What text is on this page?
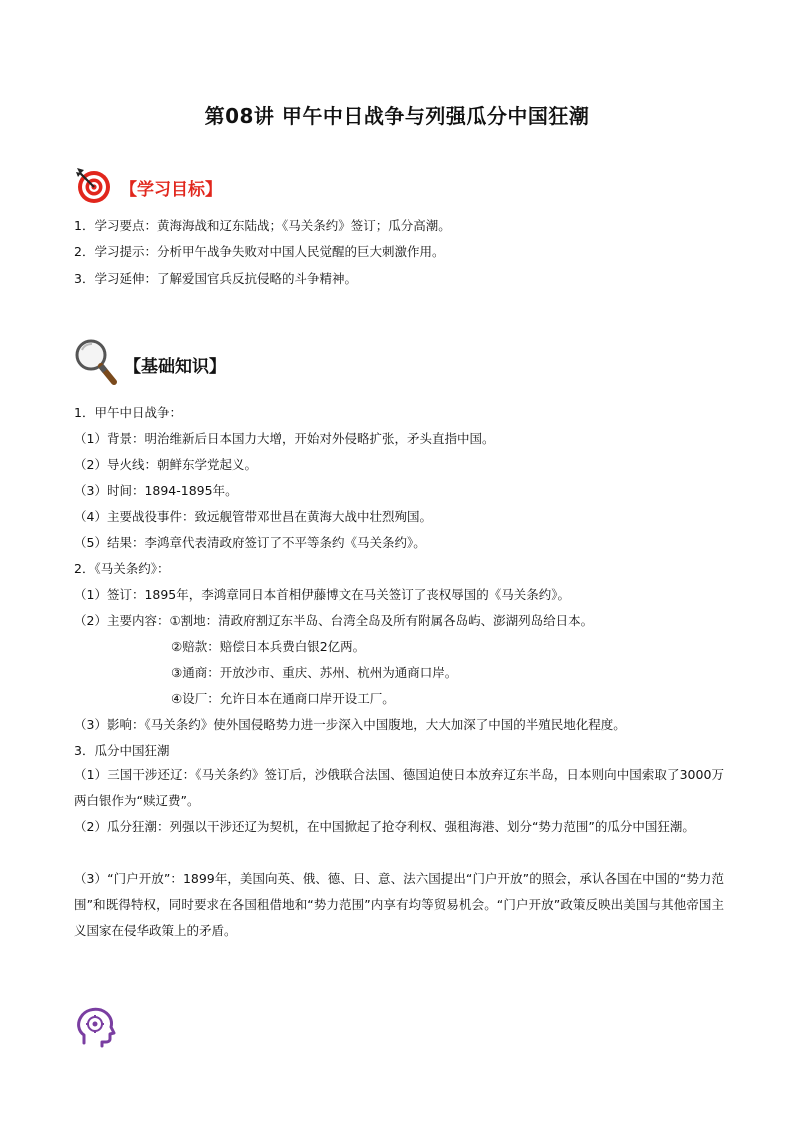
第08讲 甲午中日战争与列强瓜分中国狂潮
【学习目标】
1．学习要点：黄海海战和辽东陆战；《马关条约》签订；瓜分高潮。
2．学习提示：分析甲午战争失败对中国人民觉醒的巨大刺激作用。
3．学习延伸：了解爱国官兵反抗侵略的斗争精神。
【基础知识】
1．甲午中日战争：
（1）背景：明治维新后日本国力大增，开始对外侵略扩张，矛头直指中国。
（2）导火线：朝鲜东学党起义。
（3）时间：1894-1895年。
（4）主要战役事件：致远舰管带邓世昌在黄海大战中壮烈殉国。
（5）结果：李鸿章代表清政府签订了不平等条约《马关条约》。
2．《马关条约》：
（1）签订：1895年，李鸿章同日本首相伊藤博文在马关签订了丧权辱国的《马关条约》。
（2）主要内容：①割地：清政府割辽东半岛、台湾全岛及所有附属各岛屿、澎湖列岛给日本。
②赔款：赔偿日本兵费白银2亿两。
③通商：开放沙市、重庆、苏州、杭州为通商口岸。
④设厂：允许日本在通商口岸开设工厂。
（3）影响：《马关条约》使外国侵略势力进一步深入中国腹地，大大加深了中国的半殖民地化程度。
3．瓜分中国狂潮
（1）三国干涉还辽：《马关条约》签订后，沙俄联合法国、德国迫使日本放弃辽东半岛，日本则向中国索取了3000万两白银作为“赎辽费”。
（2）瓜分狂潮：列强以干涉还辽为契机，在中国掀起了抢夺利权、强租海港、划分“势力范围”的瓜分中国狂潮。
（3）“门户开放”：1899年，美国向英、俄、德、日、意、法六国提出“门户开放”的照会，承认各国在中国的“势力范围”和既得特权，同时要求在各国租借地和“势力范围”内享有均等贸易机会。“门户开放”政策反映出美国与其他帝国主义国家在侵华政策上的矛盾。
